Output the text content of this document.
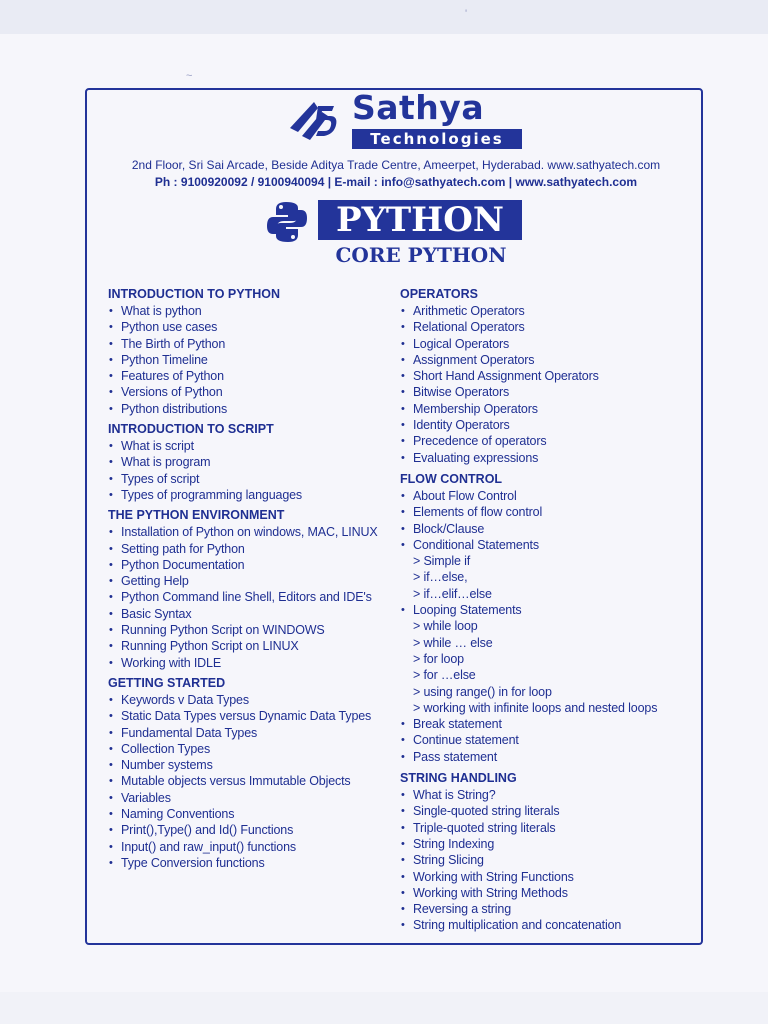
'
~
Sathya
Technologies
2nd Floor, Sri Sai Arcade, Beside Aditya Trade Centre, Ameerpet, Hyderabad. www.sathyatech.com
Ph : 9100920092 / 9100940094 | E-mail : info@sathyatech.com | www.sathyatech.com
PYTHON
CORE PYTHON
INTRODUCTION TO PYTHON
• What is python
• Python use cases
• The Birth of Python
• Python Timeline
• Features of Python
• Versions of Python
• Python distributions
INTRODUCTION TO SCRIPT
• What is script
• What is program
• Types of script
• Types of programming languages
THE PYTHON ENVIRONMENT
• Installation of Python on windows, MAC, LINUX
• Setting path for Python
• Python Documentation
• Getting Help
• Python Command line Shell, Editors and IDE's
• Basic Syntax
• Running Python Script on WINDOWS
• Running Python Script on LINUX
• Working with IDLE
GETTING STARTED
• Keywords v Data Types
• Static Data Types versus Dynamic Data Types
• Fundamental Data Types
• Collection Types
• Number systems
• Mutable objects versus Immutable Objects
• Variables
• Naming Conventions
• Print(),Type() and Id() Functions
• Input() and raw_input() functions
• Type Conversion functions
OPERATORS
• Arithmetic Operators
• Relational Operators
• Logical Operators
• Assignment Operators
• Short Hand Assignment Operators
• Bitwise Operators
• Membership Operators
• Identity Operators
• Precedence of operators
• Evaluating expressions
FLOW CONTROL
• About Flow Control
• Elements of flow control
• Block/Clause
• Conditional Statements
> Simple if
> if…else,
> if…elif…else
• Looping Statements
> while loop
> while … else
> for loop
> for …else
> using range() in for loop
> working with infinite loops and nested loops
• Break statement
• Continue statement
• Pass statement
STRING HANDLING
• What is String?
• Single-quoted string literals
• Triple-quoted string literals
• String Indexing
• String Slicing
• Working with String Functions
• Working with String Methods
• Reversing a string
• String multiplication and concatenation
